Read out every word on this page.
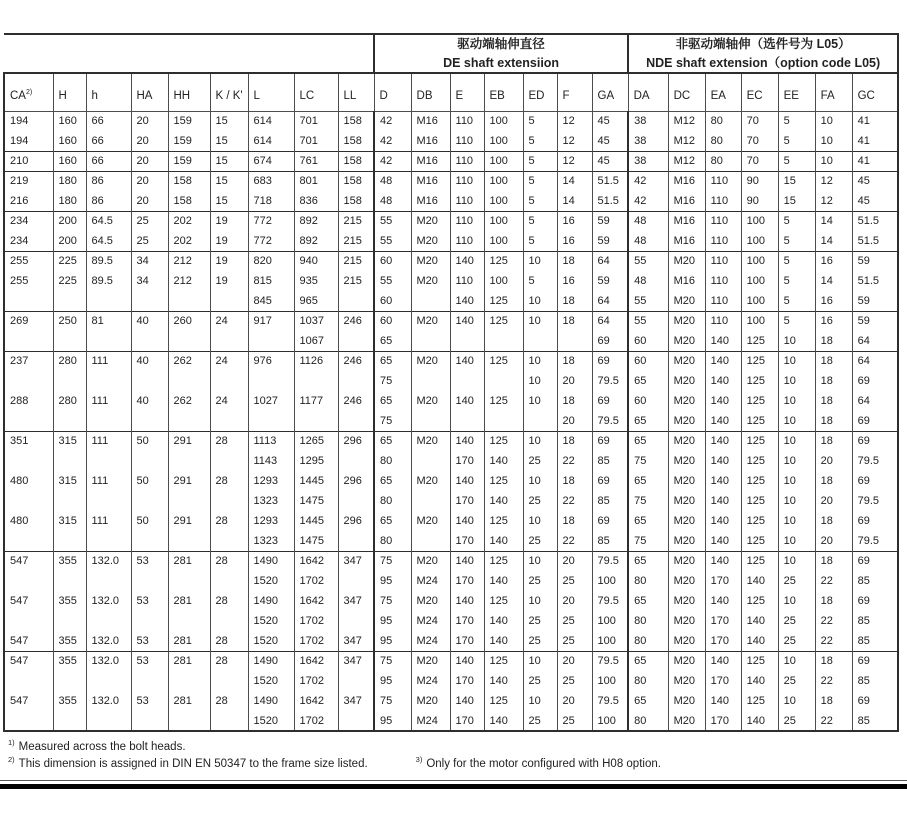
驱动端轴伸直径
DE shaft extensiion

非驱动端轴伸（选件号为 L05）
NDE shaft extension（option code L05)

CA$^{2)}$	H	h	HA	HH	K / K'	L	LC	LL	D	DB	E	EB	ED	F	GA	DA	DC	EA	EC	EE	FA	GC
194	160	66	20	159	15	614	701	158	42	M16	110	100	5	12	45	38	M12	80	70	5	10	41
194	160	66	20	159	15	614	701	158	42	M16	110	100	5	12	45	38	M12	80	70	5	10	41
210	160	66	20	159	15	674	761	158	42	M16	110	100	5	12	45	38	M12	80	70	5	10	41
219	180	86	20	158	15	683	801	158	48	M16	110	100	5	14	51.5	42	M16	110	90	15	12	45
216	180	86	20	158	15	718	836	158	48	M16	110	100	5	14	51.5	42	M16	110	90	15	12	45
234	200	64.5	25	202	19	772	892	215	55	M20	110	100	5	16	59	48	M16	110	100	5	14	51.5
234	200	64.5	25	202	19	772	892	215	55	M20	110	100	5	16	59	48	M16	110	100	5	14	51.5
255	225	89.5	34	212	19	820	940	215	60	M20	140	125	10	18	64	55	M20	110	100	5	16	59
255	225	89.5	34	212	19	815	935	215	55	M20	110	100	5	16	59	48	M16	110	100	5	14	51.5
						845	965		60		140	125	10	18	64	55	M20	110	100	5	16	59
269	250	81	40	260	24	917	1037	246	60	M20	140	125	10	18	64	55	M20	110	100	5	16	59
							1067		65						69	60	M20	140	125	10	18	64
237	280	111	40	262	24	976	1126	246	65	M20	140	125	10	18	69	60	M20	140	125	10	18	64
									75				10	20	79.5	65	M20	140	125	10	18	69
288	280	111	40	262	24	1027	1177	246	65	M20	140	125	10	18	69	60	M20	140	125	10	18	64
									75					20	79.5	65	M20	140	125	10	18	69
351	315	111	50	291	28	1113	1265	296	65	M20	140	125	10	18	69	65	M20	140	125	10	18	69
						1143	1295		80		170	140	25	22	85	75	M20	140	125	10	20	79.5
480	315	111	50	291	28	1293	1445	296	65	M20	140	125	10	18	69	65	M20	140	125	10	18	69
						1323	1475		80		170	140	25	22	85	75	M20	140	125	10	20	79.5
480	315	111	50	291	28	1293	1445	296	65	M20	140	125	10	18	69	65	M20	140	125	10	18	69
						1323	1475		80		170	140	25	22	85	75	M20	140	125	10	20	79.5
547	355	132.0	53	281	28	1490	1642	347	75	M20	140	125	10	20	79.5	65	M20	140	125	10	18	69
						1520	1702		95	M24	170	140	25	25	100	80	M20	170	140	25	22	85
547	355	132.0	53	281	28	1490	1642	347	75	M20	140	125	10	20	79.5	65	M20	140	125	10	18	69
						1520	1702		95	M24	170	140	25	25	100	80	M20	170	140	25	22	85
547	355	132.0	53	281	28	1520	1702	347	95	M24	170	140	25	25	100	80	M20	170	140	25	22	85
547	355	132.0	53	281	28	1490	1642	347	75	M20	140	125	10	20	79.5	65	M20	140	125	10	18	69
						1520	1702		95	M24	170	140	25	25	100	80	M20	170	140	25	22	85
547	355	132.0	53	281	28	1490	1642	347	75	M20	140	125	10	20	79.5	65	M20	140	125	10	18	69
						1520	1702		95	M24	170	140	25	25	100	80	M20	170	140	25	22	85
$^{1)}$ Measured across the bolt heads.
$^{2)}$ This dimension is assigned in DIN EN 50347 to the frame size listed.	$^{3)}$ Only for the motor configured with H08 option.
